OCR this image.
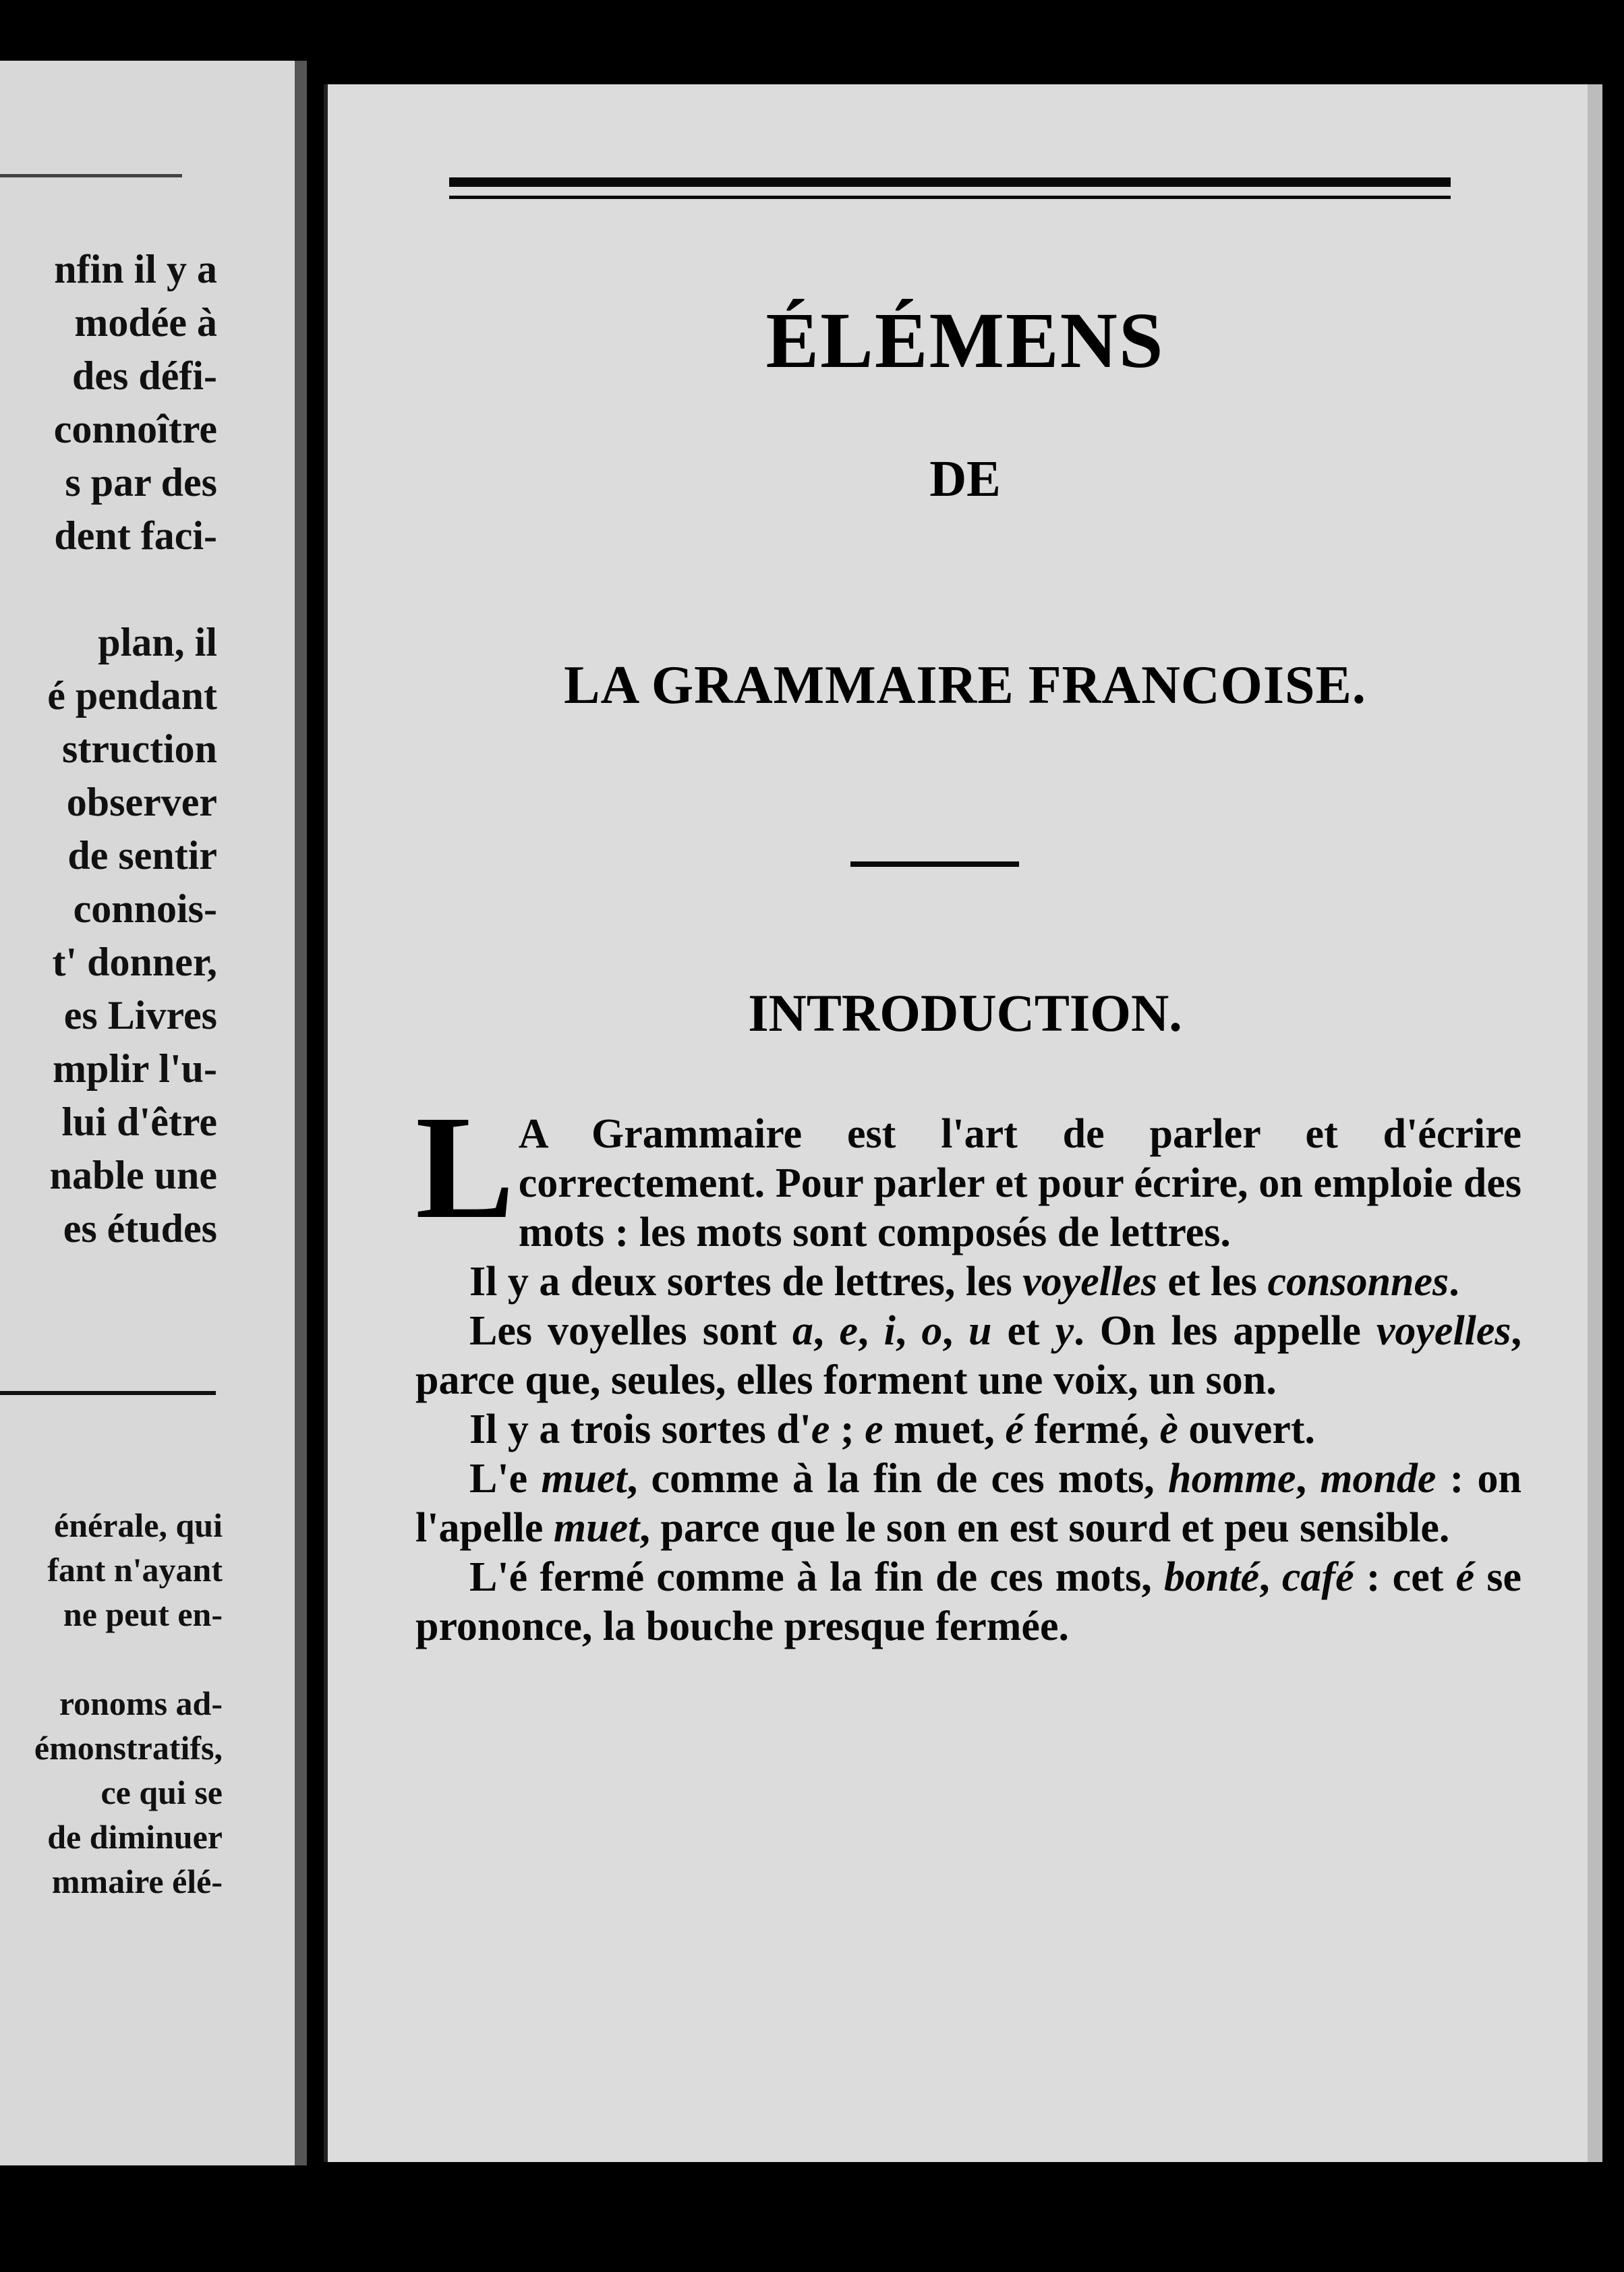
nfin il y a
modée à
des défi-
connoître
s par des
dent faci-
plan, il
é pendant
struction
observer
de sentir
connois-
t' donner,
es Livres
mplir l'u-
lui d'être
nable une
es études
énérale, qui
fant n'ayant
ne peut en-
ronoms ad-
émonstratifs,
ce qui se
de diminuer
mmaire élé-
ÉLÉMENS
DE
LA GRAMMAIRE FRANCOISE.
INTRODUCTION.

L A Grammaire est l'art de parler et d'écrire correctement. Pour parler et pour écrire, on emploie des mots : les mots sont composés de lettres.

Il y a deux sortes de lettres, les voyelles et les consonnes.

Les voyelles sont a, e, i, o, u et y. On les appelle voyelles, parce que, seules, elles forment une voix, un son.

Il y a trois sortes d'e ; e muet, é fermé, è ouvert.

L'e muet, comme à la fin de ces mots, homme, monde : on l'apelle muet, parce que le son en est sourd et peu sensible.

L'é fermé comme à la fin de ces mots, bonté, café : cet é se prononce, la bouche presque fermée.
